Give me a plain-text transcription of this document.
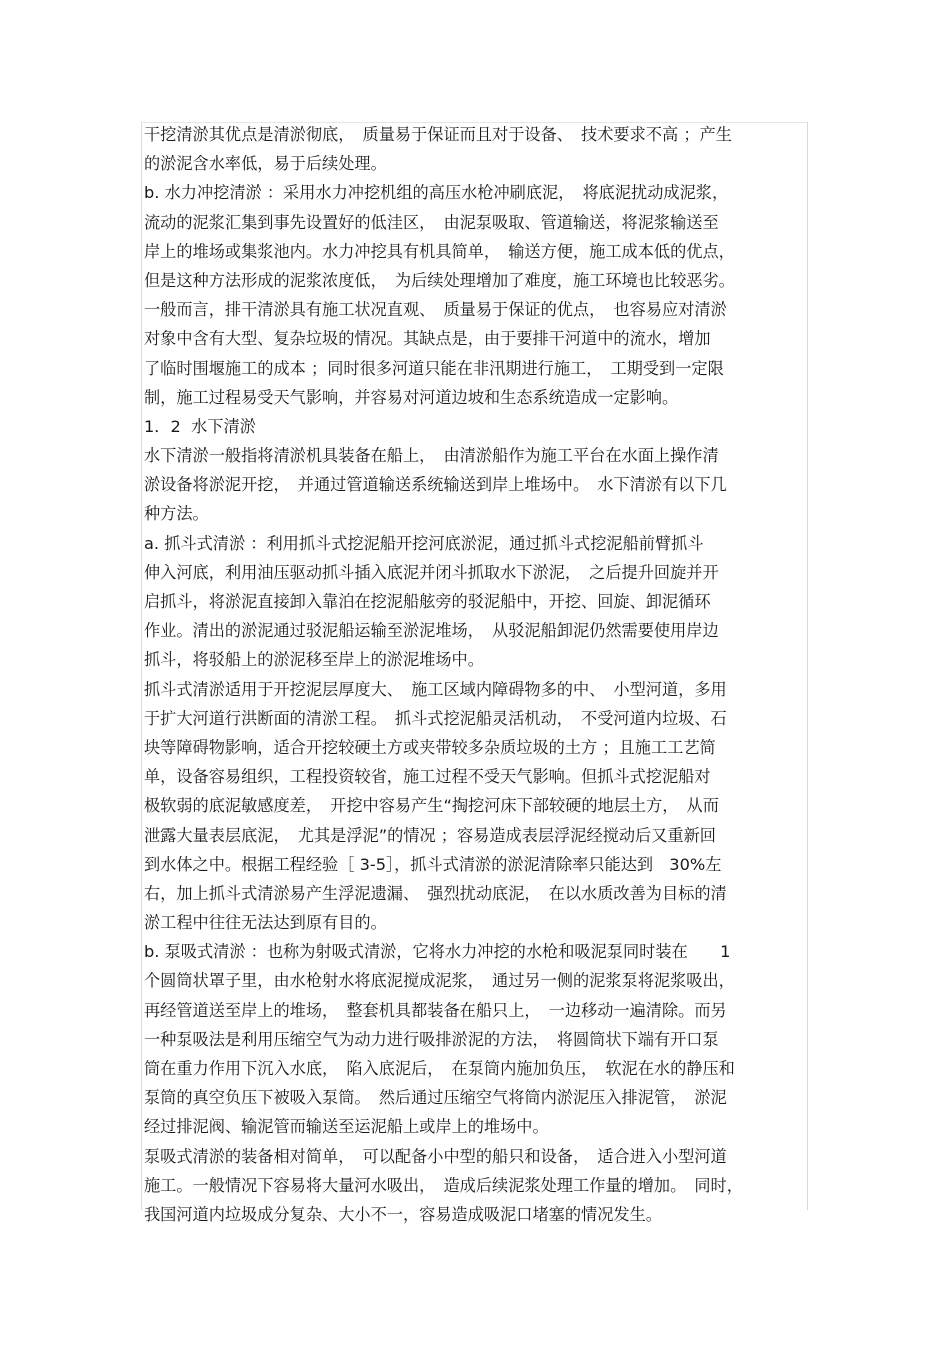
干挖清淤其优点是清淤彻底，　质量易于保证而且对于设备、　技术要求不高 ；产生
的淤泥含水率低，易于后续处理。
b. 水力冲挖清淤 ：采用水力冲挖机组的高压水枪冲刷底泥，　将底泥扰动成泥浆，
流动的泥浆汇集到事先设置好的低洼区，　由泥泵吸取、管道输送，将泥浆输送至
岸上的堆场或集浆池内。水力冲挖具有机具简单，　输送方便，施工成本低的优点，
但是这种方法形成的泥浆浓度低，　为后续处理增加了难度，施工环境也比较恶劣。
一般而言，排干清淤具有施工状况直观、　质量易于保证的优点，　也容易应对清淤
对象中含有大型、复杂垃圾的情况。其缺点是，由于要排干河道中的流水，增加
了临时围堰施工的成本 ；同时很多河道只能在非汛期进行施工，　工期受到一定限
制，施工过程易受天气影响，并容易对河道边坡和生态系统造成一定影响。
1．2  水下清淤
水下清淤一般指将清淤机具装备在船上，　由清淤船作为施工平台在水面上操作清
淤设备将淤泥开挖，　并通过管道输送系统输送到岸上堆场中。　水下清淤有以下几
种方法。
a. 抓斗式清淤 ：利用抓斗式挖泥船开挖河底淤泥，通过抓斗式挖泥船前臂抓斗
伸入河底，利用油压驱动抓斗插入底泥并闭斗抓取水下淤泥，　之后提升回旋并开
启抓斗，将淤泥直接卸入靠泊在挖泥船舷旁的驳泥船中，开挖、回旋、卸泥循环
作业。清出的淤泥通过驳泥船运输至淤泥堆场，　从驳泥船卸泥仍然需要使用岸边
抓斗，将驳船上的淤泥移至岸上的淤泥堆场中。
抓斗式清淤适用于开挖泥层厚度大、　施工区域内障碍物多的中、　小型河道，多用
于扩大河道行洪断面的清淤工程。　抓斗式挖泥船灵活机动，　不受河道内垃圾、石
块等障碍物影响，适合开挖较硬土方或夹带较多杂质垃圾的土方 ；且施工工艺简
单，设备容易组织，工程投资较省，施工过程不受天气影响。但抓斗式挖泥船对
极软弱的底泥敏感度差，　开挖中容易产生“掏挖河床下部较硬的地层土方，　从而
泄露大量表层底泥，　尤其是浮泥”的情况 ；容易造成表层浮泥经搅动后又重新回
到水体之中。根据工程经验［ 3-5］，抓斗式清淤的淤泥清除率只能达到　30%左
右，加上抓斗式清淤易产生浮泥遗漏、　强烈扰动底泥，　在以水质改善为目标的清
淤工程中往往无法达到原有目的。
b. 泵吸式清淤 ：也称为射吸式清淤，它将水力冲挖的水枪和吸泥泵同时装在　　1
个圆筒状罩子里，由水枪射水将底泥搅成泥浆，　通过另一侧的泥浆泵将泥浆吸出，
再经管道送至岸上的堆场，　整套机具都装备在船只上，　一边移动一遍清除。而另
一种泵吸法是利用压缩空气为动力进行吸排淤泥的方法，　将圆筒状下端有开口泵
筒在重力作用下沉入水底，　陷入底泥后，　在泵筒内施加负压，　软泥在水的静压和
泵筒的真空负压下被吸入泵筒。　然后通过压缩空气将筒内淤泥压入排泥管，　淤泥
经过排泥阀、输泥管而输送至运泥船上或岸上的堆场中。
泵吸式清淤的装备相对简单，　可以配备小中型的船只和设备，　适合进入小型河道
施工。一般情况下容易将大量河水吸出，　造成后续泥浆处理工作量的增加。　同时，
我国河道内垃圾成分复杂、大小不一，容易造成吸泥口堵塞的情况发生。
